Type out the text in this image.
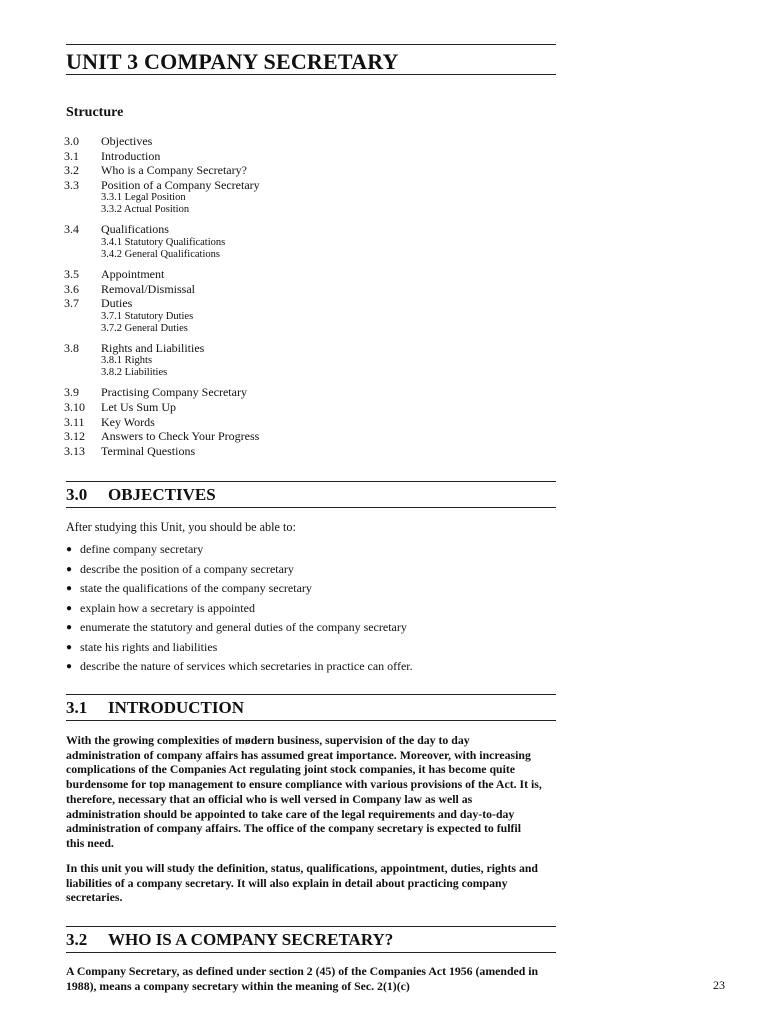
UNIT 3 COMPANY SECRETARY
Structure
3.0	Objectives
3.1	Introduction
3.2	Who is a Company Secretary?
3.3	Position of a Company Secretary
3.3.1 Legal Position
3.3.2 Actual Position
3.4	Qualifications
3.4.1 Statutory Qualifications
3.4.2 General Qualifications
3.5	Appointment
3.6	Removal/Dismissal
3.7	Duties
3.7.1 Statutory Duties
3.7.2 General Duties
3.8	Rights and Liabilities
3.8.1 Rights
3.8.2 Liabilities
3.9	Practising Company Secretary
3.10	Let Us Sum Up
3.11	Key Words
3.12	Answers to Check Your Progress
3.13	Terminal Questions
3.0 OBJECTIVES

After studying this Unit, you should be able to:

● define company secretary
● describe the position of a company secretary
● state the qualifications of the company secretary
● explain how a secretary is appointed
● enumerate the statutory and general duties of the company secretary
● state his rights and liabilities
● describe the nature of services which secretaries in practice can offer.
3.1 INTRODUCTION

With the growing complexities of mødern business, supervision of the day to day administration of company affairs has assumed great importance. Moreover, with increasing complications of the Companies Act regulating joint stock companies, it has become quite burdensome for top management to ensure compliance with various provisions of the Act. It is, therefore, necessary that an official who is well versed in Company law as well as administration should be appointed to take care of the legal requirements and day-to-day administration of company affairs. The office of the company secretary is expected to fulfil this need.

In this unit you will study the definition, status, qualifications, appointment, duties, rights and liabilities of a company secretary. It will also explain in detail about practicing company secretaries.

3.2 WHO IS A COMPANY SECRETARY?

A Company Secretary, as defined under section 2 (45) of the Companies Act 1956 (amended in 1988), means a company secretary within the meaning of Sec. 2(1)(c)	23
